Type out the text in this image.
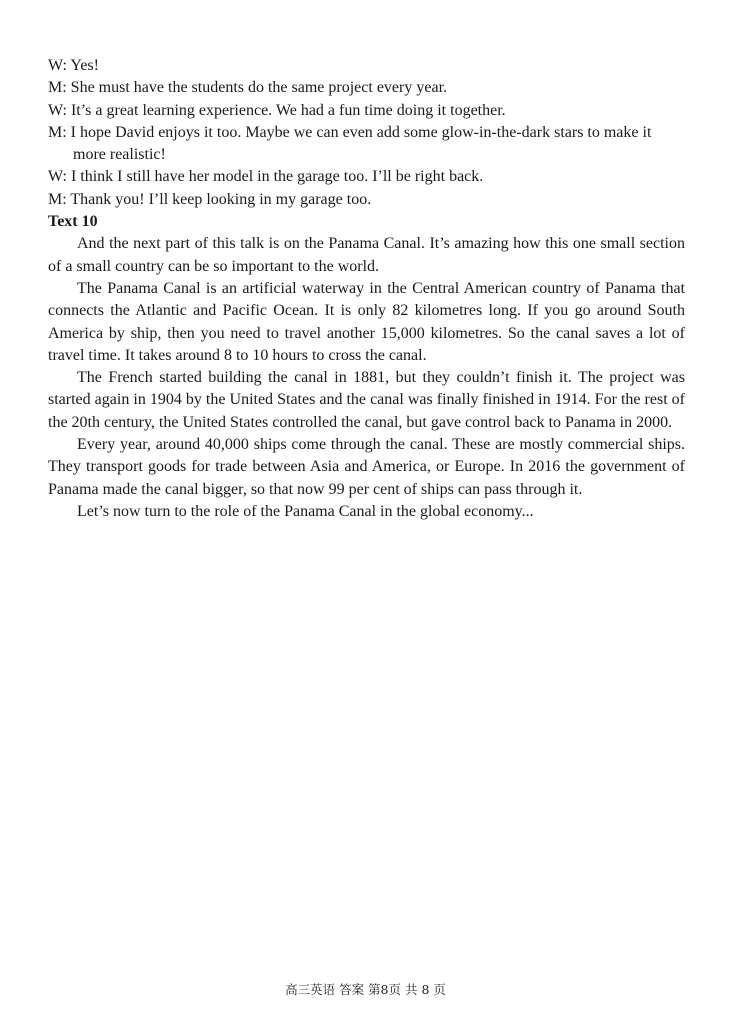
W: Yes!

M: She must have the students do the same project every year.

W: It’s a great learning experience. We had a fun time doing it together.

M: I hope David enjoys it too. Maybe we can even add some glow-in-the-dark stars to make it more realistic!

W: I think I still have her model in the garage too. I’ll be right back.

M: Thank you! I’ll keep looking in my garage too.

Text 10

And the next part of this talk is on the Panama Canal. It’s amazing how this one small section of a small country can be so important to the world.

The Panama Canal is an artificial waterway in the Central American country of Panama that connects the Atlantic and Pacific Ocean. It is only 82 kilometres long. If you go around South America by ship, then you need to travel another 15,000 kilometres. So the canal saves a lot of travel time. It takes around 8 to 10 hours to cross the canal.

The French started building the canal in 1881, but they couldn’t finish it. The project was started again in 1904 by the United States and the canal was finally finished in 1914. For the rest of the 20th century, the United States controlled the canal, but gave control back to Panama in 2000.

Every year, around 40,000 ships come through the canal. These are mostly commercial ships. They transport goods for trade between Asia and America, or Europe. In 2016 the government of Panama made the canal bigger, so that now 99 per cent of ships can pass through it.

Let’s now turn to the role of the Panama Canal in the global economy...

高三英语 答案 第8页 共 8 页
